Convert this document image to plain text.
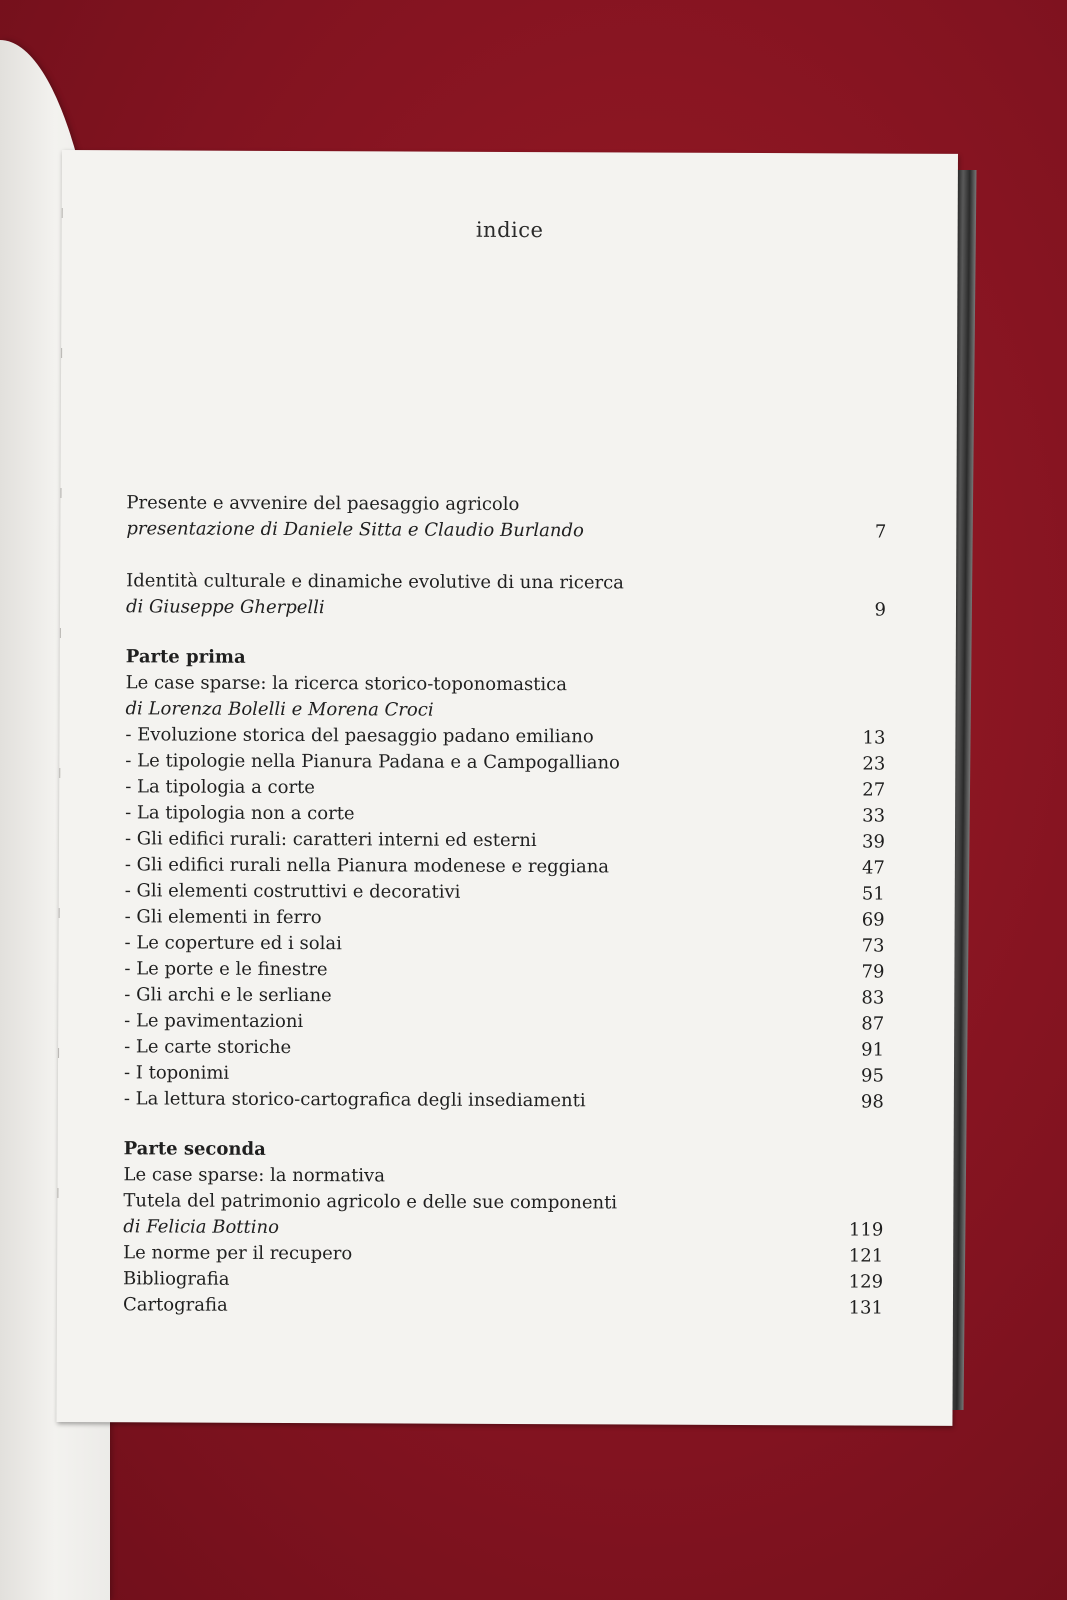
indice
Presente e avvenire del paesaggio agricolo
presentazione di Daniele Sitta e Claudio Burlando	7
Identità culturale e dinamiche evolutive di una ricerca
di Giuseppe Gherpelli	9
Parte prima
Le case sparse: la ricerca storico-toponomastica
di Lorenza Bolelli e Morena Croci
- Evoluzione storica del paesaggio padano emiliano	13
- Le tipologie nella Pianura Padana e a Campogalliano	23
- La tipologia a corte	27
- La tipologia non a corte	33
- Gli edifici rurali: caratteri interni ed esterni	39
- Gli edifici rurali nella Pianura modenese e reggiana	47
- Gli elementi costruttivi e decorativi	51
- Gli elementi in ferro	69
- Le coperture ed i solai	73
- Le porte e le finestre	79
- Gli archi e le serliane	83
- Le pavimentazioni	87
- Le carte storiche	91
- I toponimi	95
- La lettura storico-cartografica degli insediamenti	98
Parte seconda
Le case sparse: la normativa
Tutela del patrimonio agricolo e delle sue componenti
di Felicia Bottino	119
Le norme per il recupero	121
Bibliografia	129
Cartografia	131
